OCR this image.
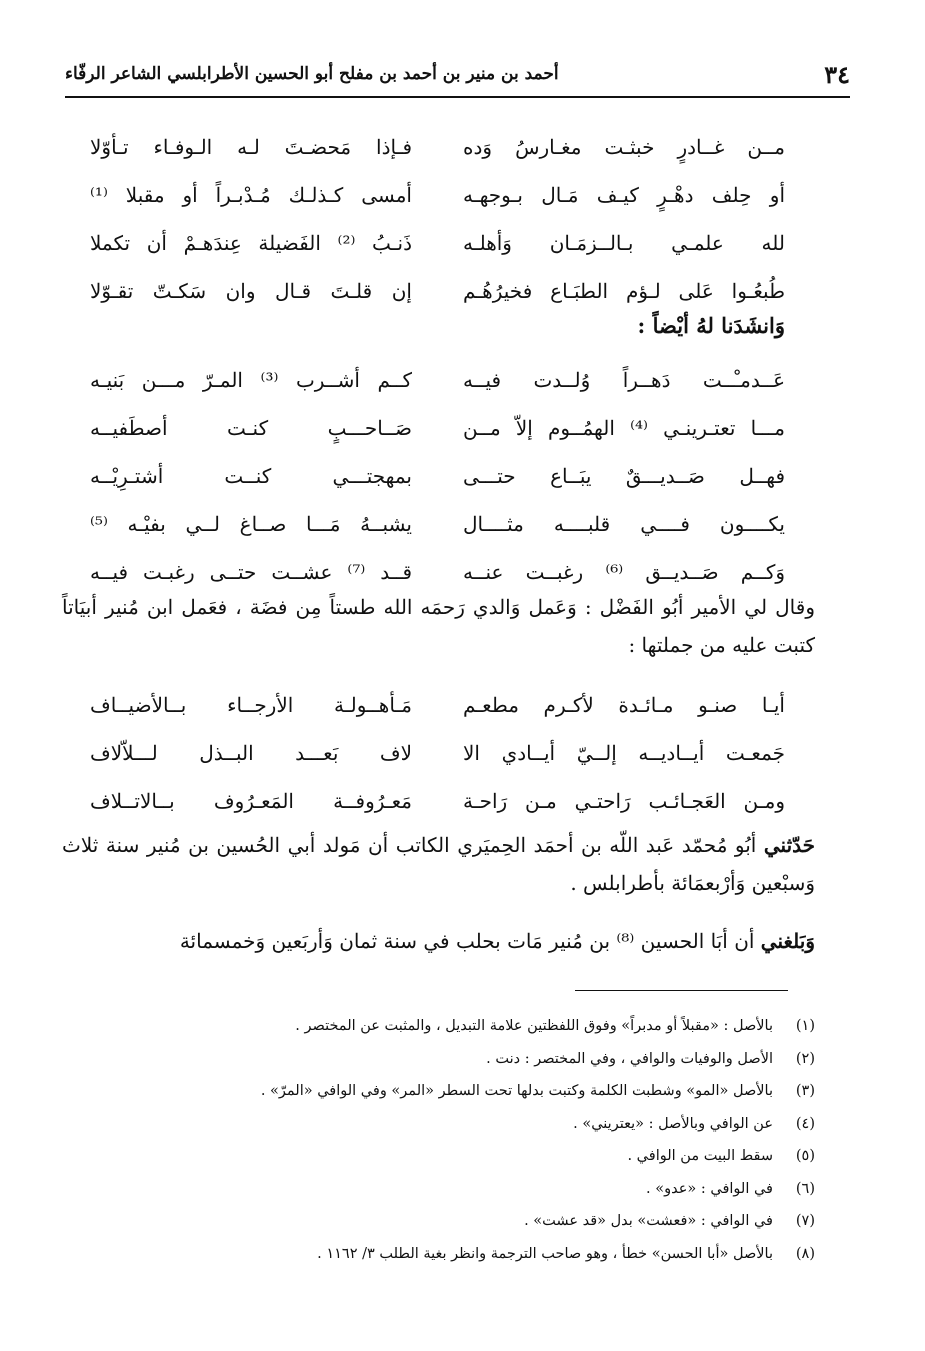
٣٤
أحمد بن منير بن أحمد بن مفلح أبو الحسين الأطرابلسي الشاعر الرفّاء
مــن غــادرٍ خبثـت مغـارسُ وَده
فـإذا مَحضـتَ لـه الـوفـاء تـأوّلا
أو حِلف دهْـرٍ كيـف مَـال بـوجهـه
أمسى كـذلـك مُـدْبـراً أو مقبلا ⁽¹⁾
لله علمـي بـالــزمَـان وَأهلـه
ذَنـبُ ⁽²⁾ الفَضيلة عِندَهـمْ أن تكملا
طُبعُـوا عَلى لـؤم الطبَـاع فخيرُهُـم
إن قلـتَ قـال وان سَكـتّ تقـوّلا
وَانشَدَنا لهُ أيْضاً :
عَــدمـْــت دَهــراً وُلــدت فيــه
كــم أشــرب ⁽³⁾ المـرّ مـــن بَنيـه
مـــا تعتـرينـي ⁽⁴⁾ الهمُــوم إلاّ مــن
صَــاحـــبٍ كنـت أصطَفيــه
فهــل صَــديـــقٌ يبَــاع حتـــى
بمهجتـــي كنــت أشتـرِيْــه
يكــــون فــــي قلبــــه مثــــال
يشبــهُ مَـــا صــاغ لــي بفيْـه ⁽⁵⁾
وَكــم صَــديــق ⁽⁶⁾ رغبــت عنــه
قــد ⁽⁷⁾ عشــت حتــى رغبـت فيــه

وقال لي الأمير أبُو الفَضْل : وَعَمل وَالدي رَحمَه الله طستاً مِن فضَة ، فعَمل ابن مُنير أبيَاتاً كتبت عليه من جملتها :

أيـا صنـو مـائـدة لأكـرم مطعـم
مَـأهــولـة الأرجــاء بــالأضيــاف
جَمعـت أيــاديــه إلــيّ أيــادي الا
لاف بَعـــد البــذل لـــلاّلاف
ومـن العَجـائـب رَاحتـي مـن رَاحـة
مَعـرُوفــة المَعـرُوف بــالاتــلاف

حَدّثني أبُو مُحمّد عَبد اللّه بن أحمَد الحِميَري الكاتب أن مَولد أبي الحُسين بن مُنير سنة ثلاث وَسبْعين وَأرْبعمَائة بأطرابلس .

وَبَلغني أن أبَا الحسين ⁽⁸⁾ بن مُنير مَات بحلب في سنة ثمان وَأربَعين وَخمسمائة

(١)
بالأصل : «مقبلاً أو مدبراً» وفوق اللفظتين علامة التبديل ، والمثبت عن المختصر .
(٢)
الأصل والوفيات والوافي ، وفي المختصر : دنت .
(٣)
بالأصل «المو» وشطبت الكلمة وكتبت بدلها تحت السطر «المر» وفي الوافي «المرّ» .
(٤)
عن الوافي وبالأصل : «يعتريني» .
(٥)
سقط البيت من الوافي .
(٦)
في الوافي : «عدو» .
(٧)
في الوافي : «فعشت» بدل «قد عشت» .
(٨)
بالأصل «أبا الحسن» خطأ ، وهو صاحب الترجمة وانظر بغية الطلب ٣/ ١١٦٢ .
